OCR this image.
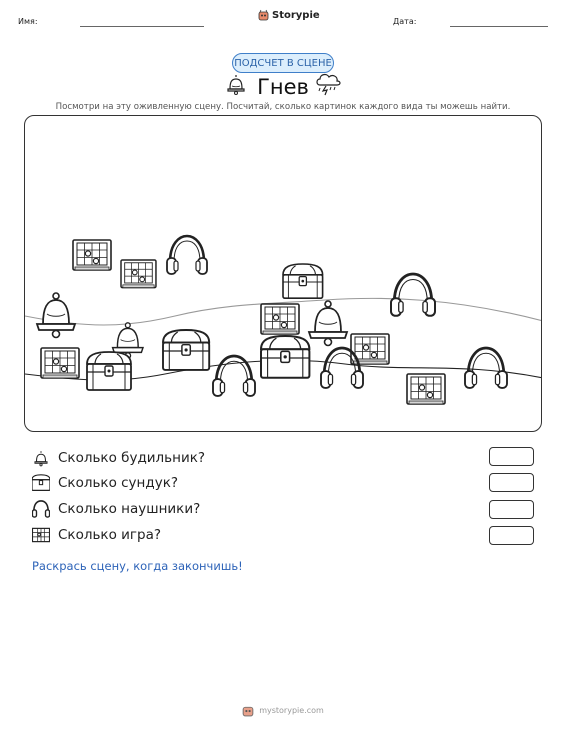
Имя:
Storypie
Дата:
ПОДСЧЕТ В СЦЕНЕ
Гнев
Посмотри на эту оживленную сцену. Посчитай, сколько картинок каждого вида ты можешь найти.
Сколько будильник?
Сколько сундук?
Сколько наушники?
Сколько игра?
Раскрась сцену, когда закончишь!
mystorypie.com
